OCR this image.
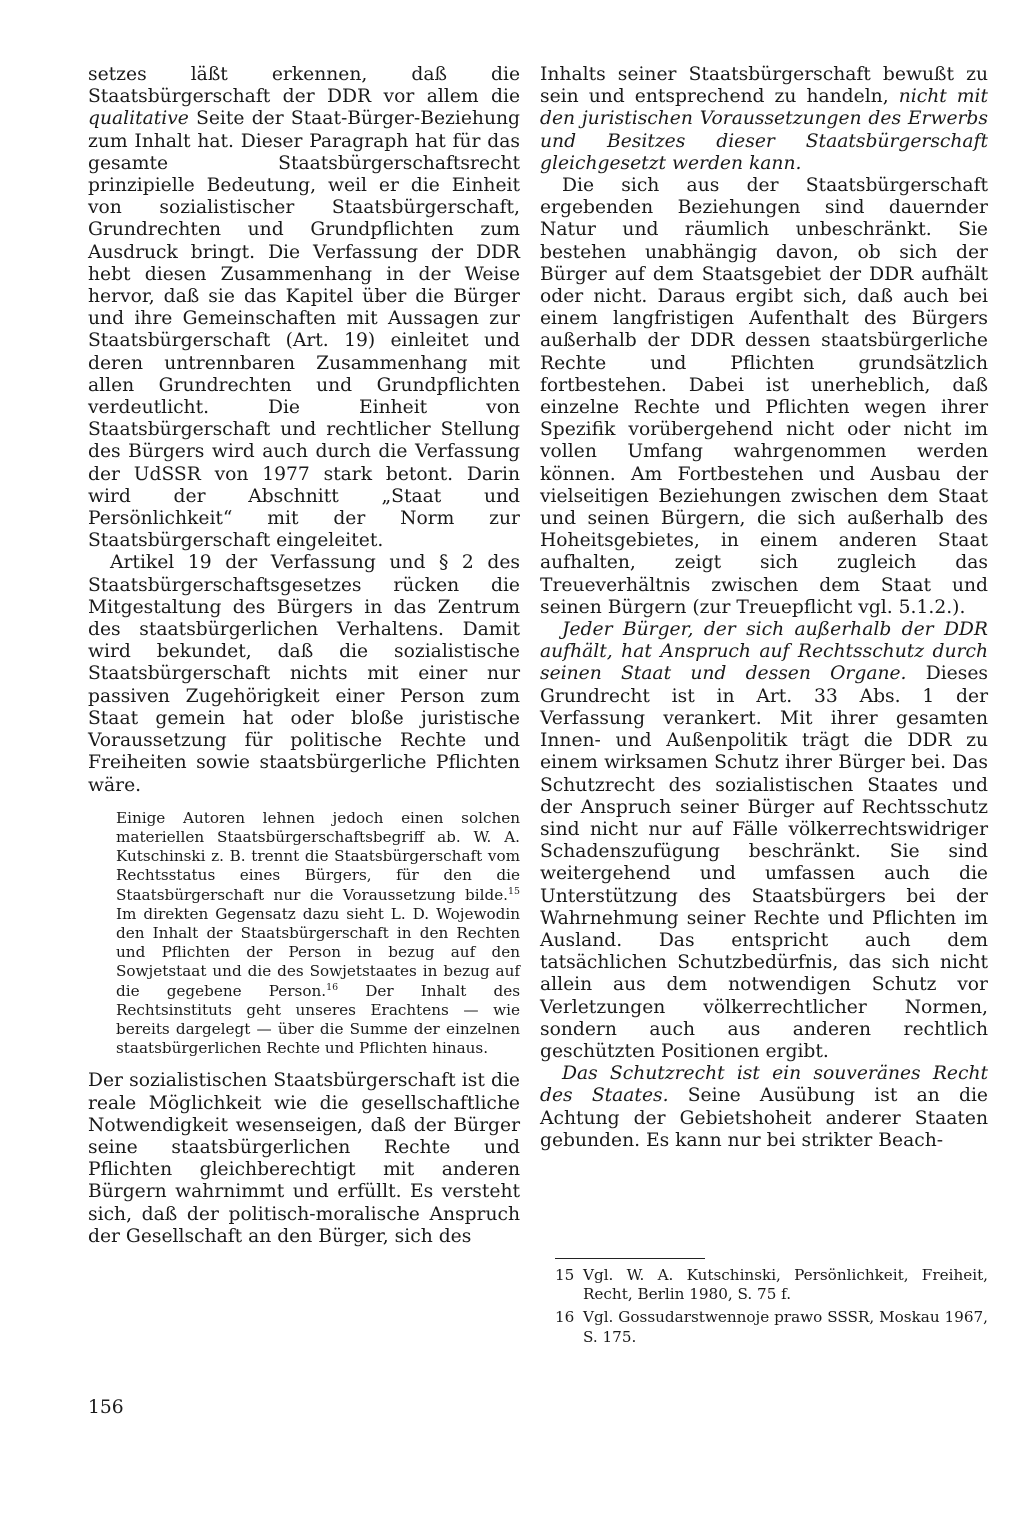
setzes läßt erkennen, daß die Staatsbürgerschaft der DDR vor allem die qualitative Seite der Staat-Bürger-Beziehung zum Inhalt hat. Dieser Paragraph hat für das gesamte Staatsbürgerschaftsrecht prinzipielle Bedeutung, weil er die Einheit von sozialistischer Staatsbürgerschaft, Grundrechten und Grundpflichten zum Ausdruck bringt. Die Verfassung der DDR hebt diesen Zusammenhang in der Weise hervor, daß sie das Kapitel über die Bürger und ihre Gemeinschaften mit Aussagen zur Staatsbürgerschaft (Art. 19) einleitet und deren untrennbaren Zusammenhang mit allen Grundrechten und Grundpflichten verdeutlicht. Die Einheit von Staatsbürgerschaft und rechtlicher Stellung des Bürgers wird auch durch die Verfassung der UdSSR von 1977 stark betont. Darin wird der Abschnitt „Staat und Persönlichkeit“ mit der Norm zur Staatsbürgerschaft eingeleitet.

Artikel 19 der Verfassung und § 2 des Staatsbürgerschaftsgesetzes rücken die Mitgestaltung des Bürgers in das Zentrum des staatsbürgerlichen Verhaltens. Damit wird bekundet, daß die sozialistische Staatsbürgerschaft nichts mit einer nur passiven Zugehörigkeit einer Person zum Staat gemein hat oder bloße juristische Voraussetzung für politische Rechte und Freiheiten sowie staatsbürgerliche Pflichten wäre.

Einige Autoren lehnen jedoch einen solchen materiellen Staatsbürgerschaftsbegriff ab. W. A. Kutschinski z. B. trennt die Staatsbürgerschaft vom Rechtsstatus eines Bürgers, für den die Staatsbürgerschaft nur die Voraussetzung bilde.$^{15}$ Im direkten Gegensatz dazu sieht L. D. Wojewodin den Inhalt der Staatsbürgerschaft in den Rechten und Pflichten der Person in bezug auf den Sowjetstaat und die des Sowjetstaates in bezug auf die gegebene Person.$^{16}$ Der Inhalt des Rechtsinstituts geht unseres Erachtens — wie bereits dargelegt — über die Summe der einzelnen staatsbürgerlichen Rechte und Pflichten hinaus.

Der sozialistischen Staatsbürgerschaft ist die reale Möglichkeit wie die gesellschaftliche Notwendigkeit wesenseigen, daß der Bürger seine staatsbürgerlichen Rechte und Pflichten gleichberechtigt mit anderen Bürgern wahrnimmt und erfüllt. Es versteht sich, daß der politisch-moralische Anspruch der Gesellschaft an den Bürger, sich des

Inhalts seiner Staatsbürgerschaft bewußt zu sein und entsprechend zu handeln, nicht mit den juristischen Voraussetzungen des Erwerbs und Besitzes dieser Staatsbürgerschaft gleichgesetzt werden kann.

Die sich aus der Staatsbürgerschaft ergebenden Beziehungen sind dauernder Natur und räumlich unbeschränkt. Sie bestehen unabhängig davon, ob sich der Bürger auf dem Staatsgebiet der DDR aufhält oder nicht. Daraus ergibt sich, daß auch bei einem langfristigen Aufenthalt des Bürgers außerhalb der DDR dessen staatsbürgerliche Rechte und Pflichten grundsätzlich fortbestehen. Dabei ist unerheblich, daß einzelne Rechte und Pflichten wegen ihrer Spezifik vorübergehend nicht oder nicht im vollen Umfang wahrgenommen werden können. Am Fortbestehen und Ausbau der vielseitigen Beziehungen zwischen dem Staat und seinen Bürgern, die sich außerhalb des Hoheitsgebietes, in einem anderen Staat aufhalten, zeigt sich zugleich das Treueverhältnis zwischen dem Staat und seinen Bürgern (zur Treuepflicht vgl. 5.1.2.).

Jeder Bürger, der sich außerhalb der DDR aufhält, hat Anspruch auf Rechtsschutz durch seinen Staat und dessen Organe. Dieses Grundrecht ist in Art. 33 Abs. 1 der Verfassung verankert. Mit ihrer gesamten Innen- und Außenpolitik trägt die DDR zu einem wirksamen Schutz ihrer Bürger bei. Das Schutzrecht des sozialistischen Staates und der Anspruch seiner Bürger auf Rechtsschutz sind nicht nur auf Fälle völkerrechtswidriger Schadenszufügung beschränkt. Sie sind weitergehend und umfassen auch die Unterstützung des Staatsbürgers bei der Wahrnehmung seiner Rechte und Pflichten im Ausland. Das entspricht auch dem tatsächlichen Schutzbedürfnis, das sich nicht allein aus dem notwendigen Schutz vor Verletzungen völkerrechtlicher Normen, sondern auch aus anderen rechtlich geschützten Positionen ergibt.

Das Schutzrecht ist ein souveränes Recht des Staates. Seine Ausübung ist an die Achtung der Gebietshoheit anderer Staaten gebunden. Es kann nur bei strikter Beach-

15 Vgl. W. A. Kutschinski, Persönlichkeit, Freiheit, Recht, Berlin 1980, S. 75 f.
16 Vgl. Gossudarstwennoje prawo SSSR, Moskau 1967, S. 175.
156
